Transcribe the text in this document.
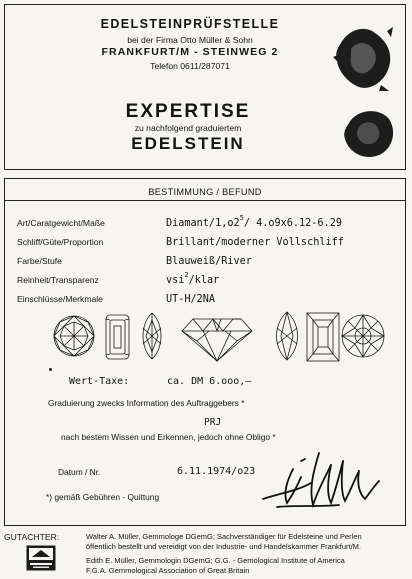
EDELSTEINPRÜFSTELLE
bei der Firma Otto Müller & Sohn
FRANKFURT/M - STEINWEG 2
Telefon 0611/287071
EXPERTISE
zu nachfolgend graduiertem
EDELSTEIN
BESTIMMUNG / BEFUND
Art/Caratgewicht/Maße	Diamant/$1,o2^5/$ 4.o9x6.12-6.29
Schliff/Güte/Proportion	Brillant/moderner Vollschliff
Farbe/Stufe	Blauweiß/River
Reinheit/Transparenz	vsi$^2$/klar
Einschlüsse/Merkmale	UT-H/2NA
Wert-Taxe:	ca. DM 6.ooo,—
Graduierung zwecks Information des Auftraggebers *
PRJ
nach bestem Wissen und Erkennen, jedoch ohne Obligo *
Datum / Nr.	6.11.1974/o23
*) gemäß Gebühren - Quittung
GUTACHTER:	Walter A. Müller, Gemmologe DGemG; Sachverständiger für Edelsteine und Perlen
öffentlich bestellt und vereidigt von der Industrie- und Handelskammer Frankfurt/M.
Edith E. Müller, Gemmologin DGemG; G.G. - Gemological Institute of America
F.G.A. Gemmological Association of Great Britain
